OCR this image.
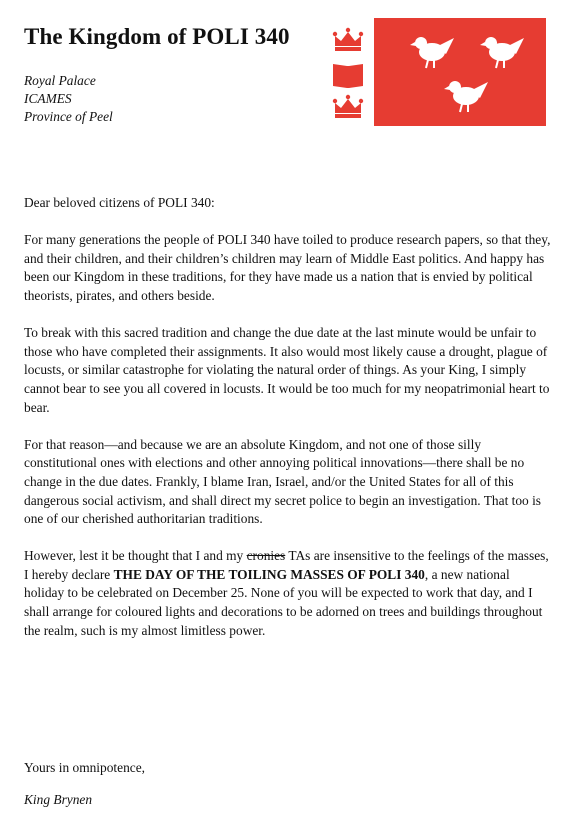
The Kingdom of POLI 340
Royal Palace
ICAMES
Province of Peel

Dear beloved citizens of POLI 340:

For many generations the people of POLI 340 have toiled to produce research papers, so that they, and their children, and their children’s children may learn of Middle East politics. And happy has been our Kingdom in these traditions, for they have made us a nation that is envied by political theorists, pirates, and others beside.

To break with this sacred tradition and change the due date at the last minute would be unfair to those who have completed their assignments. It also would most likely cause a drought, plague of locusts, or similar catastrophe for violating the natural order of things. As your King, I simply cannot bear to see you all covered in locusts. It would be too much for my neopatrimonial heart to bear.

For that reason—and because we are an absolute Kingdom, and not one of those silly constitutional ones with elections and other annoying political innovations—there shall be no change in the due dates. Frankly, I blame Iran, Israel, and/or the United States for all of this dangerous social activism, and shall direct my secret police to begin an investigation. That too is one of our cherished authoritarian traditions.

However, lest it be thought that I and my cronies TAs are insensitive to the feelings of the masses, I hereby declare THE DAY OF THE TOILING MASSES OF POLI 340, a new national holiday to be celebrated on December 25. None of you will be expected to work that day, and I shall arrange for coloured lights and decorations to be adorned on trees and buildings throughout the realm, such is my almost limitless power.

Yours in omnipotence,
King Brynen
